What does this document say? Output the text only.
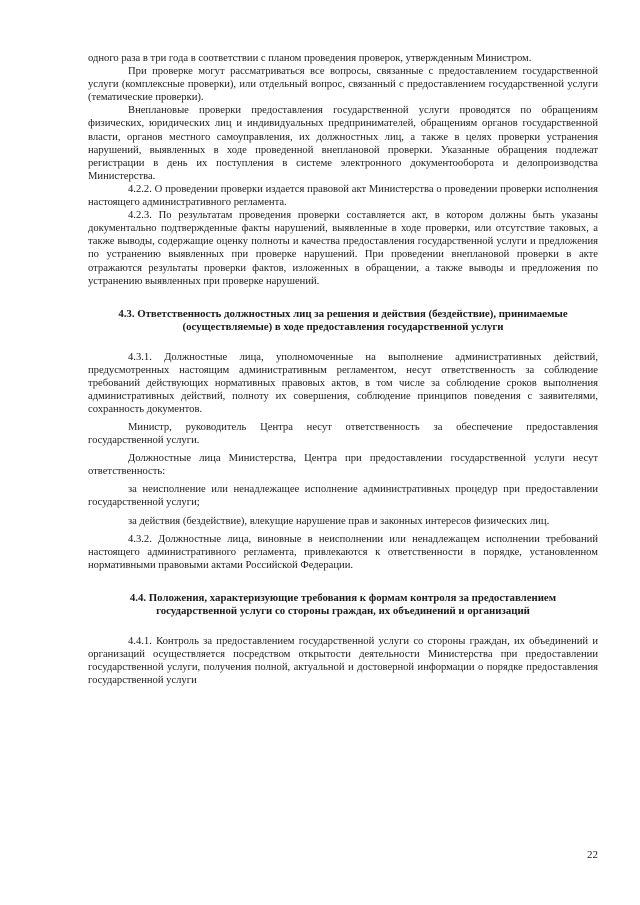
одного раза в три года в соответствии с планом проведения проверок, утвержденным Министром.

При проверке могут рассматриваться все вопросы, связанные с предоставлением государственной услуги (комплексные проверки), или отдельный вопрос, связанный с предоставлением государственной услуги (тематические проверки).

Внеплановые проверки предоставления государственной услуги проводятся по обращениям физических, юридических лиц и индивидуальных предпринимателей, обращениям органов государственной власти, органов местного самоуправления, их должностных лиц, а также в целях проверки устранения нарушений, выявленных в ходе проведенной внеплановой проверки. Указанные обращения подлежат регистрации в день их поступления в системе электронного документооборота и делопроизводства Министерства.

4.2.2. О проведении проверки издается правовой акт Министерства о проведении проверки исполнения настоящего административного регламента.

4.2.3. По результатам проведения проверки составляется акт, в котором должны быть указаны документально подтвержденные факты нарушений, выявленные в ходе проверки, или отсутствие таковых, а также выводы, содержащие оценку полноты и качества предоставления государственной услуги и предложения по устранению выявленных при проверке нарушений. При проведении внеплановой проверки в акте отражаются результаты проверки фактов, изложенных в обращении, а также выводы и предложения по устранению выявленных при проверке нарушений.

4.3. Ответственность должностных лиц за решения и действия (бездействие), принимаемые (осуществляемые) в ходе предоставления государственной услуги

4.3.1. Должностные лица, уполномоченные на выполнение административных действий, предусмотренных настоящим административным регламентом, несут ответственность за соблюдение требований действующих нормативных правовых актов, в том числе за соблюдение сроков выполнения административных действий, полноту их совершения, соблюдение принципов поведения с заявителями, сохранность документов.

Министр, руководитель Центра несут ответственность за обеспечение предоставления государственной услуги.

Должностные лица Министерства, Центра при предоставлении государственной услуги несут ответственность:

за неисполнение или ненадлежащее исполнение административных процедур при предоставлении государственной услуги;

за действия (бездействие), влекущие нарушение прав и законных интересов физических лиц.

4.3.2. Должностные лица, виновные в неисполнении или ненадлежащем исполнении требований настоящего административного регламента, привлекаются к ответственности в порядке, установленном нормативными правовыми актами Российской Федерации.

4.4. Положения, характеризующие требования к формам контроля за предоставлением государственной услуги со стороны граждан, их объединений и организаций

4.4.1. Контроль за предоставлением государственной услуги со стороны граждан, их объединений и организаций осуществляется посредством открытости деятельности Министерства при предоставлении государственной услуги, получения полной, актуальной и достоверной информации о порядке предоставления государственной услуги

22
